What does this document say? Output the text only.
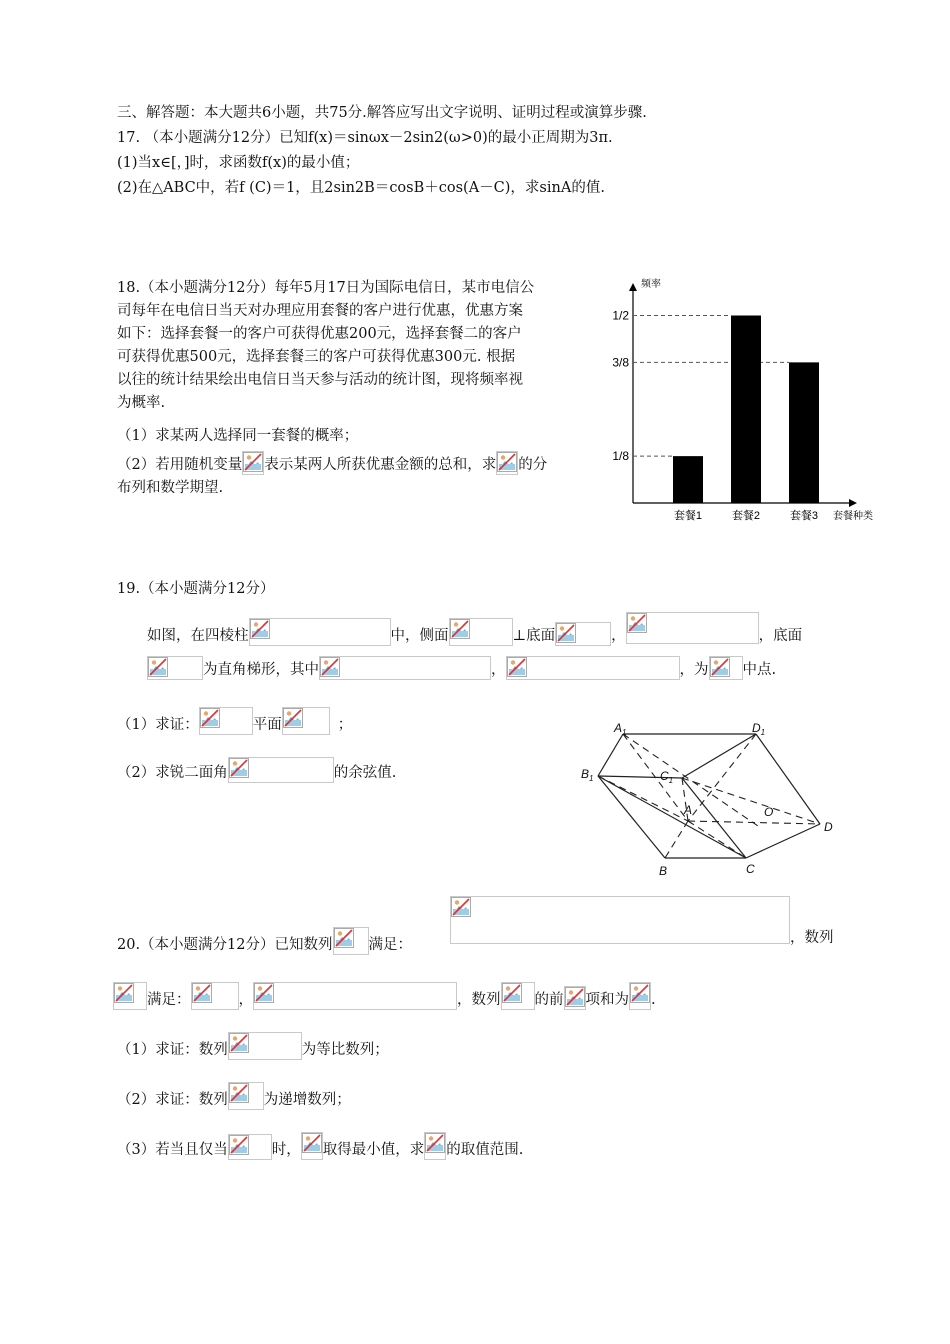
三、解答题：本大题共6小题，共75分.解答应写出文字说明、证明过程或演算步骤.
17. （本小题满分12分）已知f(x)＝sinωx－2sin2(ω>0)的最小正周期为3π.
(1)当x∈[，]时，求函数f(x)的最小值；
(2)在△ABC中，若f (C)＝1，且2sin2B＝cosB＋cos(A－C)，求sinA的值.
18.（本小题满分12分）每年5月17日为国际电信日，某市电信公
司每年在电信日当天对办理应用套餐的客户进行优惠，优惠方案
如下：选择套餐一的客户可获得优惠200元，选择套餐二的客户
可获得优惠500元，选择套餐三的客户可获得优惠300元. 根据
以往的统计结果绘出电信日当天参与活动的统计图，现将频率视
为概率.
（1）求某两人选择同一套餐的概率；
（2）若用随机变量 表示某两人所获优惠金额的总和，求 的分
布列和数学期望.
频率
套餐种类
套餐1	套餐2	套餐3
1/8
3/8
1/2
19.（本小题满分12分）
如图，在四棱柱	中，侧面	⊥底面	，	，底面
为直角梯形，其中	，	，为 中点.
（1）求证：	平面	；
（2）求锐二面角	的余弦值.
$A_1$	$D_1$
$B_1$	$C_1$
A	O
D
B	C
20.（本小题满分12分）已知数列 满足：	，数列
满足：	，	，数列 的前 项和为 .
（1）求证：数列	为等比数列；
（2）求证：数列 为递增数列；
（3）若当且仅当	时， 取得最小值，求 的取值范围.
